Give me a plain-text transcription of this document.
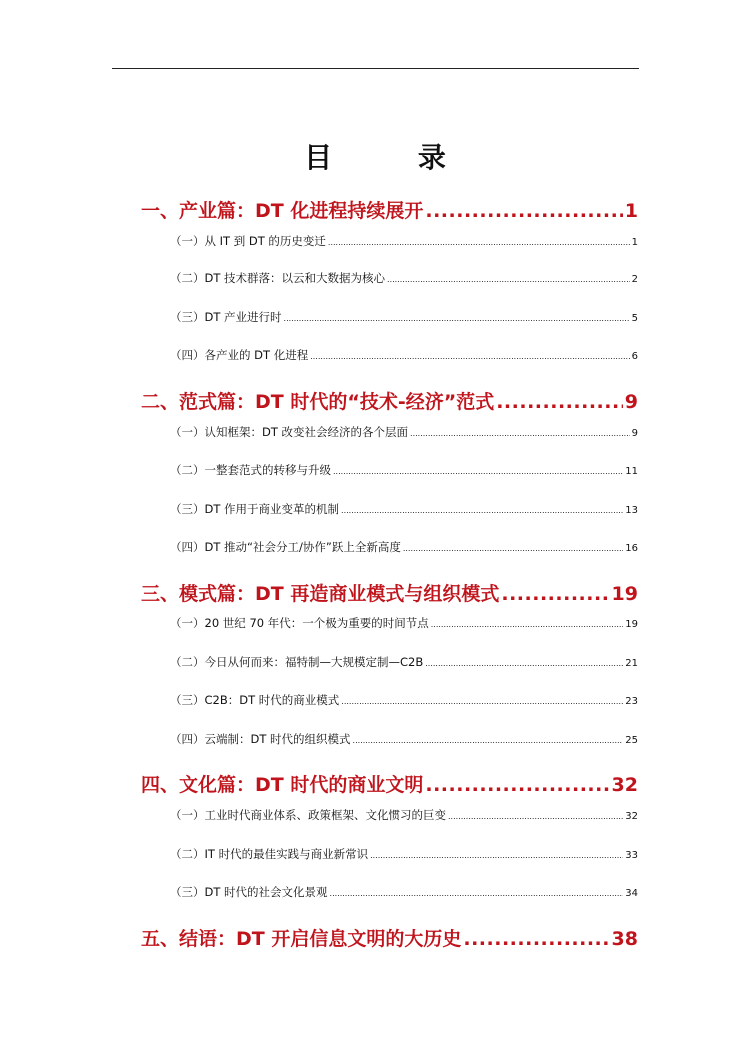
目 录
一、产业篇：DT 化进程持续展开 .....	1
（一）从 IT 到 DT 的历史变迁 .....	1
（二）DT 技术群落：以云和大数据为核心 .....	2
（三）DT 产业进行时 .....	5
（四）各产业的 DT 化进程 .....	6
二、范式篇：DT 时代的“技术-经济”范式 .....	9
（一）认知框架：DT 改变社会经济的各个层面 .....	9
（二）一整套范式的转移与升级 .....	11
（三）DT 作用于商业变革的机制 .....	13
（四）DT 推动“社会分工/协作”跃上全新高度 .....	16
三、模式篇：DT 再造商业模式与组织模式 .....	19
（一）20 世纪 70 年代：一个极为重要的时间节点 .....	19
（二）今日从何而来：福特制—大规模定制—C2B .....	21
（三）C2B：DT 时代的商业模式 .....	23
（四）云端制：DT 时代的组织模式 .....	25
四、文化篇：DT 时代的商业文明 .....	32
（一）工业时代商业体系、政策框架、文化惯习的巨变 .....	32
（二）IT 时代的最佳实践与商业新常识 .....	33
（三）DT 时代的社会文化景观 .....	34
五、结语：DT 开启信息文明的大历史 .....	38
